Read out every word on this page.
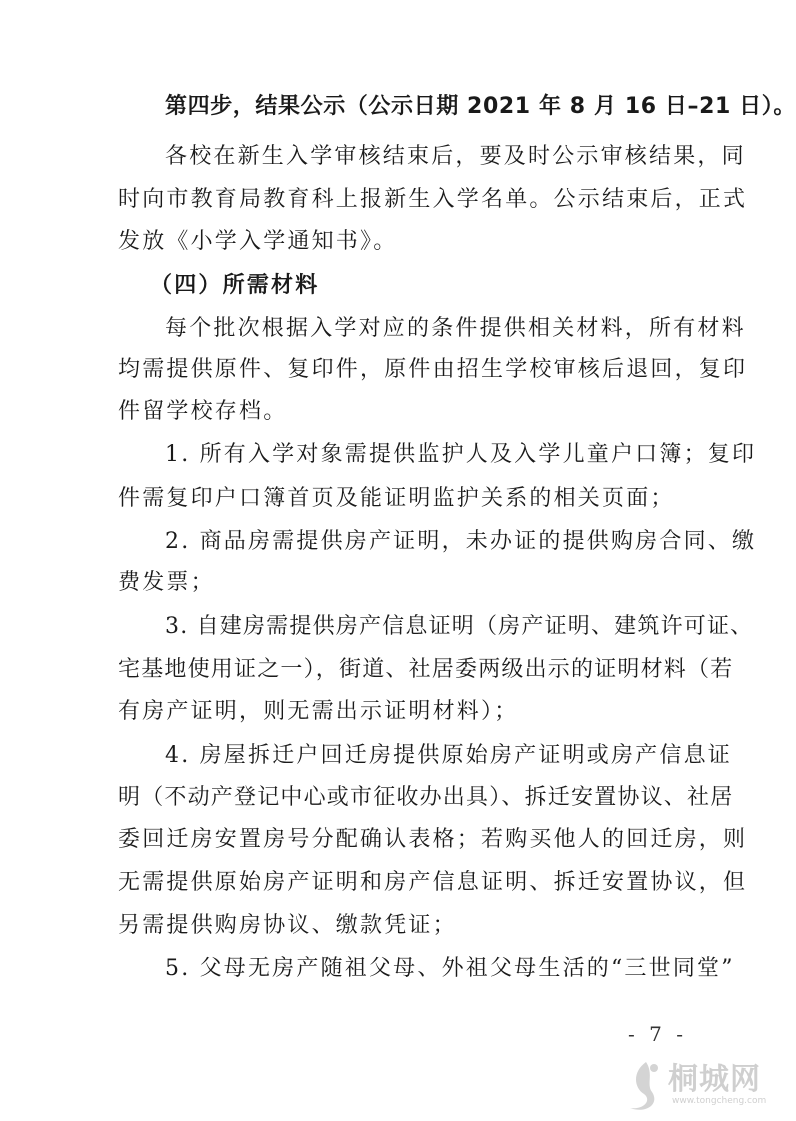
第四步，结果公示（公示日期 2021 年 8 月 16 日–21 日）。
各校在新生入学审核结束后，要及时公示审核结果，同
时向市教育局教育科上报新生入学名单。公示结束后，正式
发放《小学入学通知书》。
（四）所需材料
每个批次根据入学对应的条件提供相关材料，所有材料
均需提供原件、复印件，原件由招生学校审核后退回，复印
件留学校存档。
1. 所有入学对象需提供监护人及入学儿童户口簿；复印
件需复印户口簿首页及能证明监护关系的相关页面；
2. 商品房需提供房产证明，未办证的提供购房合同、缴
费发票；
3. 自建房需提供房产信息证明（房产证明、建筑许可证、
宅基地使用证之一），街道、社居委两级出示的证明材料（若
有房产证明，则无需出示证明材料）；
4. 房屋拆迁户回迁房提供原始房产证明或房产信息证
明（不动产登记中心或市征收办出具）、拆迁安置协议、社居
委回迁房安置房号分配确认表格；若购买他人的回迁房，则
无需提供原始房产证明和房产信息证明、拆迁安置协议，但
另需提供购房协议、缴款凭证；
5. 父母无房产随祖父母、外祖父母生活的“三世同堂”
- 7 -
桐城网
www.tongcheng.com
